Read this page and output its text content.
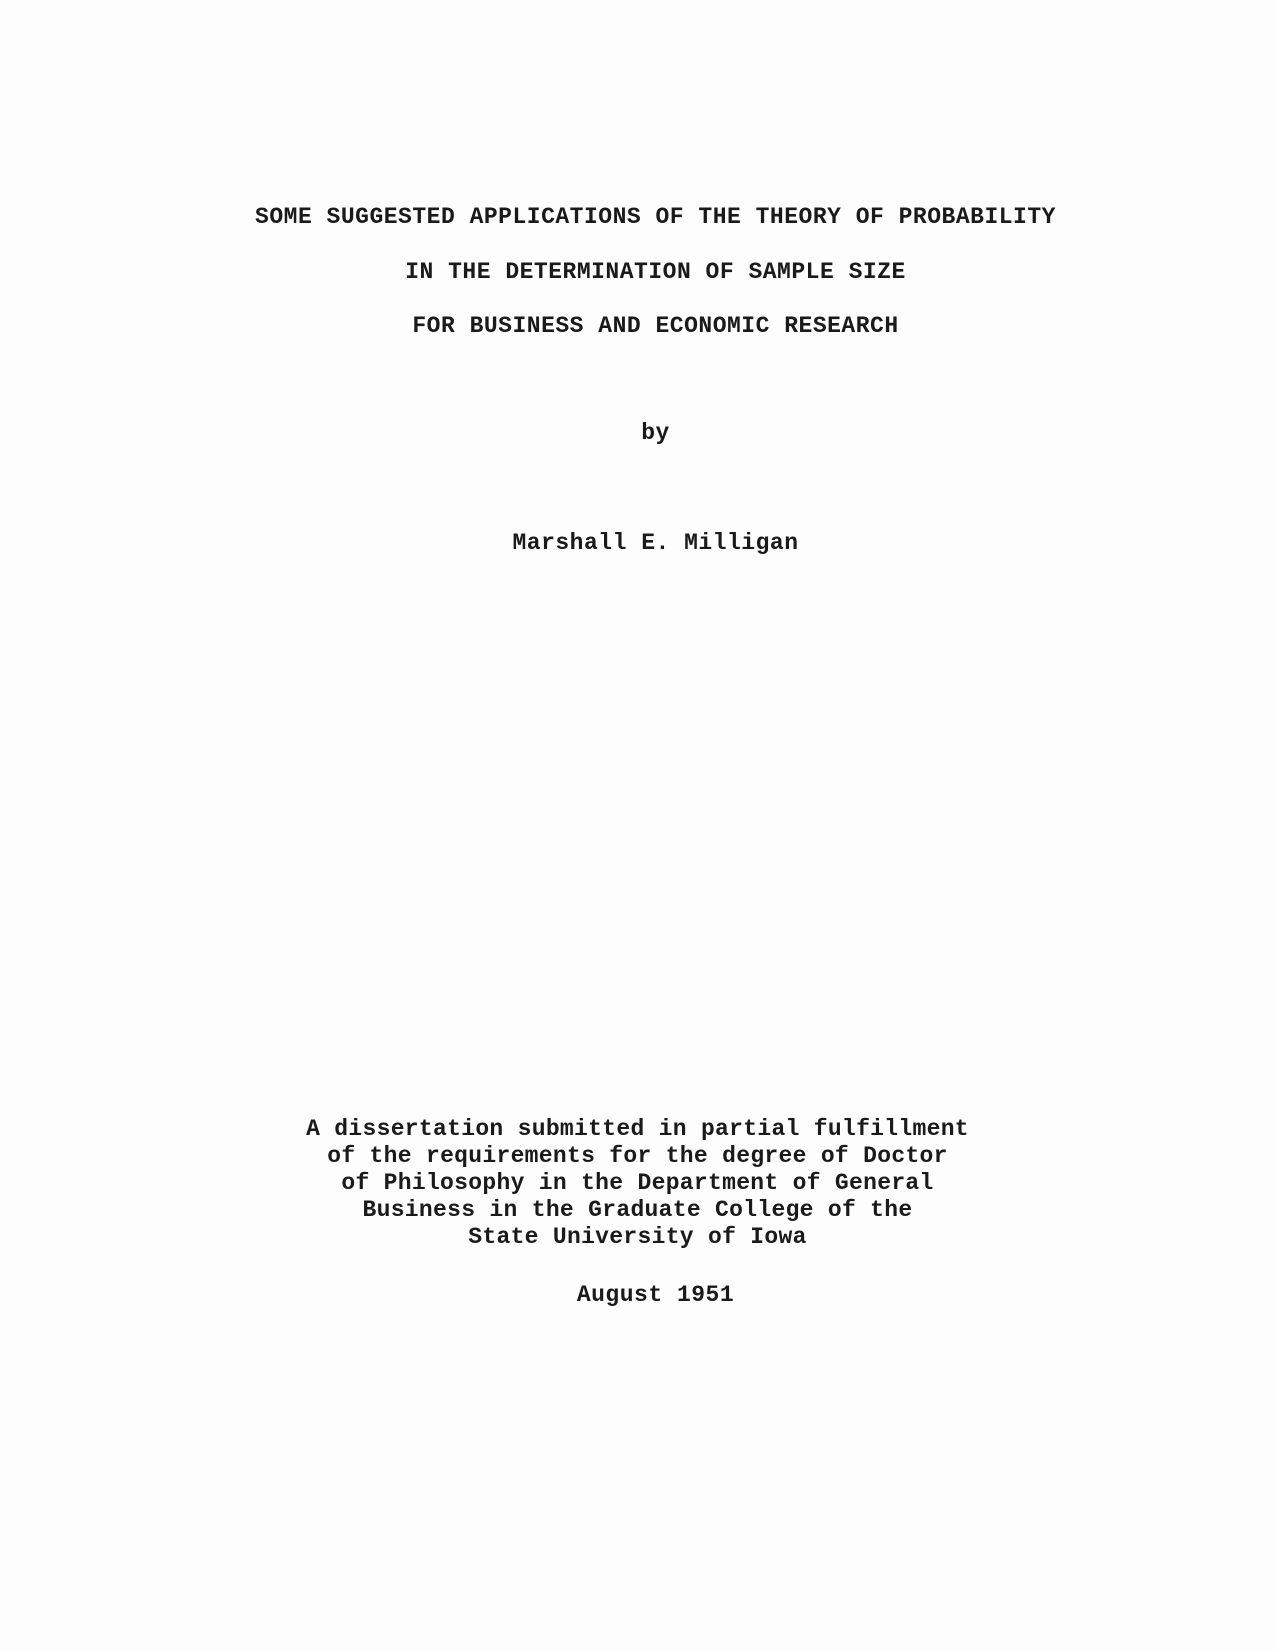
SOME SUGGESTED APPLICATIONS OF THE THEORY OF PROBABILITY
IN THE DETERMINATION OF SAMPLE SIZE
FOR BUSINESS AND ECONOMIC RESEARCH
by
Marshall E. Milligan
A dissertation submitted in partial fulfillment
of the requirements for the degree of Doctor
of Philosophy in the Department of General
Business in the Graduate College of the
State University of Iowa
August 1951
